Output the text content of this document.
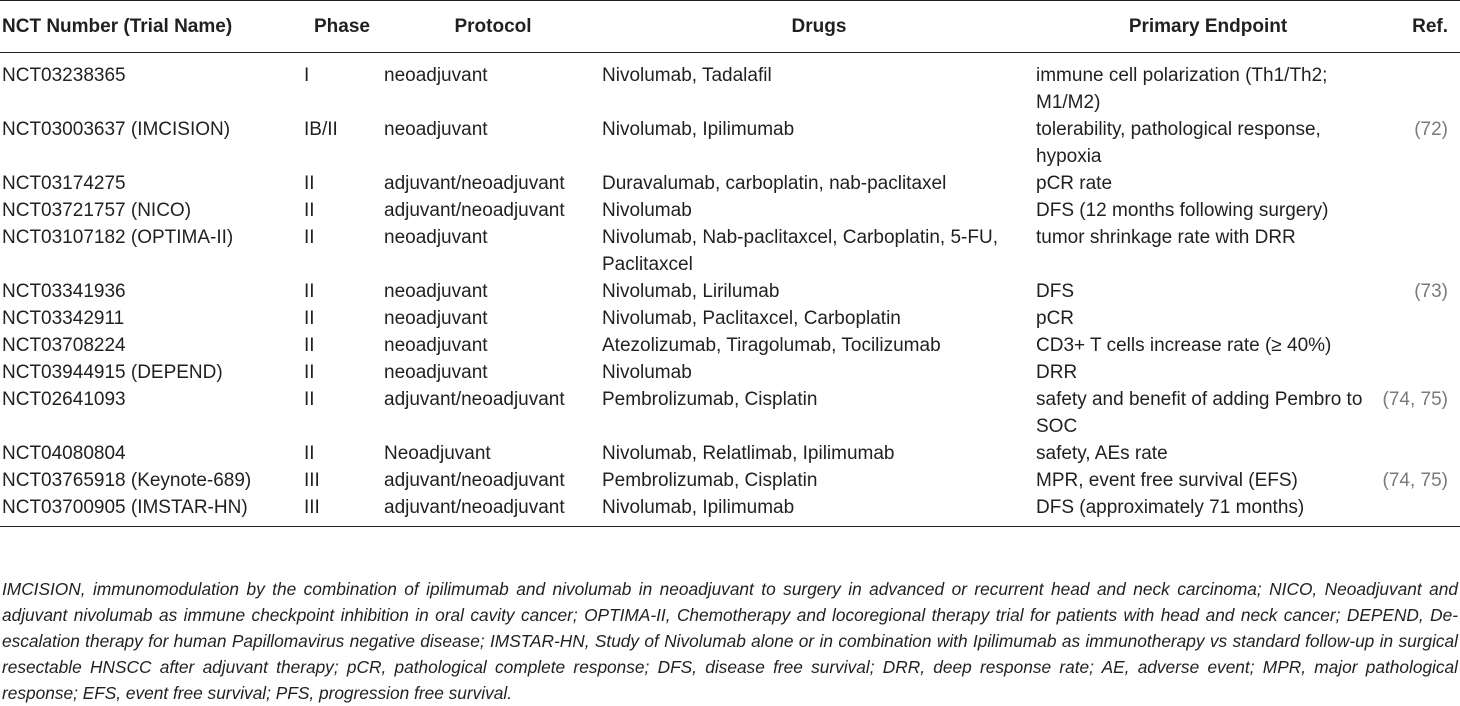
NCT Number (Trial Name)	Phase	Protocol	Drugs	Primary Endpoint	Ref.
NCT03238365	I	neoadjuvant	Nivolumab, Tadalafil	immune cell polarization (Th1/Th2; M1/M2)	
NCT03003637 (IMCISION)	IB/II	neoadjuvant	Nivolumab, Ipilimumab	tolerability, pathological response, hypoxia	(72)
NCT03174275	II	adjuvant/neoadjuvant	Duravalumab, carboplatin, nab-paclitaxel	pCR rate	
NCT03721757 (NICO)	II	adjuvant/neoadjuvant	Nivolumab	DFS (12 months following surgery)	
NCT03107182 (OPTIMA-II)	II	neoadjuvant	Nivolumab, Nab-paclitaxcel, Carboplatin, 5-FU, Paclitaxcel	tumor shrinkage rate with DRR	
NCT03341936	II	neoadjuvant	Nivolumab, Lirilumab	DFS	(73)
NCT03342911	II	neoadjuvant	Nivolumab, Paclitaxcel, Carboplatin	pCR	
NCT03708224	II	neoadjuvant	Atezolizumab, Tiragolumab, Tocilizumab	CD3+ T cells increase rate (≥ 40%)	
NCT03944915 (DEPEND)	II	neoadjuvant	Nivolumab	DRR	
NCT02641093	II	adjuvant/neoadjuvant	Pembrolizumab, Cisplatin	safety and benefit of adding Pembro to SOC	(74, 75)
NCT04080804	II	Neoadjuvant	Nivolumab, Relatlimab, Ipilimumab	safety, AEs rate	
NCT03765918 (Keynote-689)	III	adjuvant/neoadjuvant	Pembrolizumab, Cisplatin	MPR, event free survival (EFS)	(74, 75)
NCT03700905 (IMSTAR-HN)	III	adjuvant/neoadjuvant	Nivolumab, Ipilimumab	DFS (approximately 71 months)	

IMCISION, immunomodulation by the combination of ipilimumab and nivolumab in neoadjuvant to surgery in advanced or recurrent head and neck carcinoma; NICO, Neoadjuvant and adjuvant nivolumab as immune checkpoint inhibition in oral cavity cancer; OPTIMA-II, Chemotherapy and locoregional therapy trial for patients with head and neck cancer; DEPEND, De-escalation therapy for human Papillomavirus negative disease; IMSTAR-HN, Study of Nivolumab alone or in combination with Ipilimumab as immunotherapy vs standard follow-up in surgical resectable HNSCC after adjuvant therapy; pCR, pathological complete response; DFS, disease free survival; DRR, deep response rate; AE, adverse event; MPR, major pathological response; EFS, event free survival; PFS, progression free survival.
